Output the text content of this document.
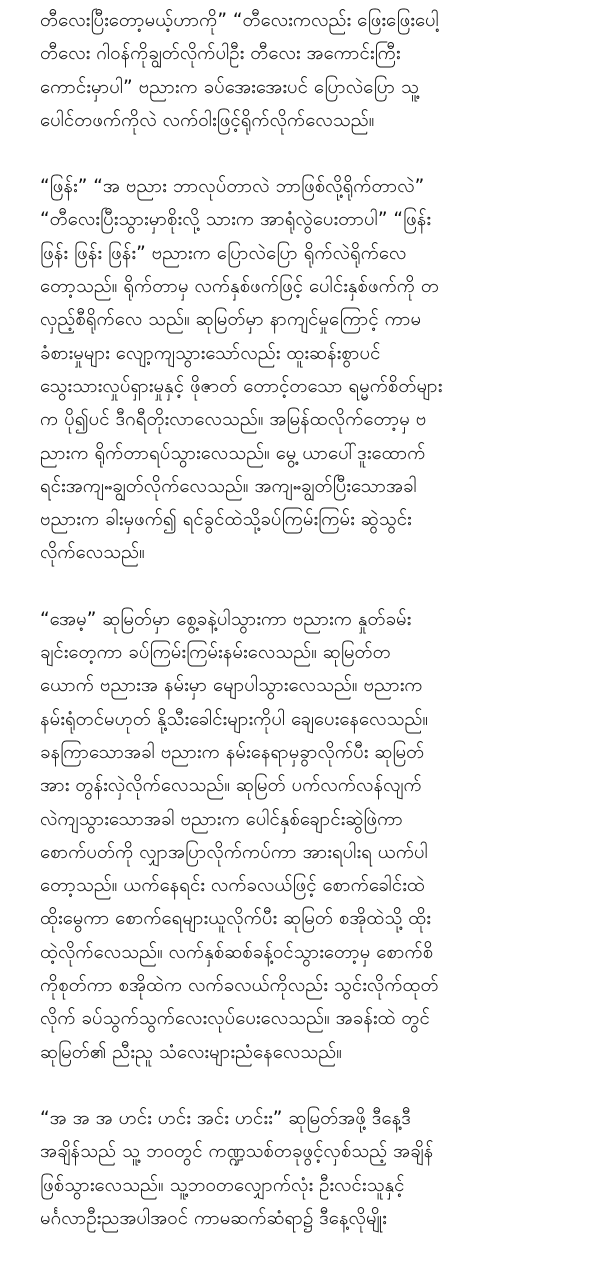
တီလေးပြီးတော့မယ့်ဟာကို” “တီလေးကလည်း ဖြေးဖြေးပေါ့
တီလေး ဂါဝန်ကိုချွတ်လိုက်ပါဦး တီလေး အကောင်းကြီး
ကောင်းမှာပါ” ဗညားက ခပ်အေးအေးပင် ပြောလဲပြော သူ့
ပေါင်တဖက်ကိုလဲ လက်ဝါးဖြင့်ရိုက်လိုက်လေသည်။
“ဖြန်း” “အ ဗညား ဘာလုပ်တာလဲ ဘာဖြစ်လို့ရိုက်တာလဲ”
“တီလေးပြီးသွားမှာစိုးလို့ သားက အာရုံလွဲပေးတာပါ” “ဖြန်း
ဖြန်း ဖြန်း ဖြန်း” ဗညားက ပြောလဲပြော ရိုက်လဲရိုက်လေ
တော့သည်။ ရိုက်တာမှ လက်နှစ်ဖက်ဖြင့် ပေါင်းနှစ်ဖက်ကို တ
လှည့်စီရိုက်လေ သည်။ ဆုမြတ်မှာ နာကျင်မှုကြောင့် ကာမ
ခံစားမှုများ လျော့ကျသွားသော်လည်း ထူးဆန်းစွာပင်
သွေးသားလှုပ်ရှားမှုနှင့် ဖိုဇာတ် တောင့်တသော ရမ္မက်စိတ်များ
က ပို၍ပင် ဒီဂရီတိုးလာလေသည်။ အမြန်ထလိုက်တော့မှ ဗ
ညားက ရိုက်တာရပ်သွားလေသည်။ မွေ့ ယာပေါ်ဒူးထောက်
ရင်းအကျႌချွတ်လိုက်လေသည်။ အကျႌချွတ်ပြီးသောအခါ
ဗညားက ခါးမှဖက်၍ ရင်ခွင်ထဲသို့ခပ်ကြမ်းကြမ်း ဆွဲသွင်း
လိုက်လေသည်။
“အေမ့” ဆုမြတ်မှာ စွေ့ခနဲ့ပါသွားကာ ဗညားက နှုတ်ခမ်း
ချင်းတေ့ကာ ခပ်ကြမ်းကြမ်းနမ်းလေသည်။ ဆုမြတ်တ
ယောက် ဗညားအ နမ်းမှာ မျောပါသွားလေသည်။ ဗညားက
နမ်းရုံတင်မဟုတ် နို့သီးခေါင်းများကိုပါ ချေပေးနေလေသည်။
ခနကြာသောအခါ ဗညားက နမ်းနေရာမှခွာလိုက်ပီး ဆုမြတ်
အား တွန်းလှဲလိုက်လေသည်။ ဆုမြတ် ပက်လက်လန်လျက်
လဲကျသွားသောအခါ ဗညားက ပေါင်နှစ်ချောင်းဆွဲဖြဲကာ
စောက်ပတ်ကို လျှာအပြာလိုက်ကပ်ကာ အားရပါးရ ယက်ပါ
တော့သည်။ ယက်နေရင်း လက်ခလယ်ဖြင့် စောက်ခေါင်းထဲ
ထိုးမွေကာ စောက်ရေများယူလိုက်ပီး ဆုမြတ် စအိုထဲသို့ ထိုး
ထဲ့လိုက်လေသည်။ လက်နှစ်ဆစ်ခန့်ဝင်သွားတော့မှ စောက်စိ
ကိုစုတ်ကာ စအိုထဲက လက်ခလယ်ကိုလည်း သွင်းလိုက်ထုတ်
လိုက် ခပ်သွက်သွက်လေးလုပ်ပေးလေသည်။ အခန်းထဲ တွင်
ဆုမြတ်၏ ညီးညူ သံလေးများညံနေလေသည်။
“အ အ အ ဟင်း ဟင်း အင်း ဟင်းး” ဆုမြတ်အဖို့ ဒီနေ့ဒီ
အချိန်သည် သူ့ ဘဝတွင် ကဏ္ဍသစ်တခုဖွင့်လှစ်သည့် အချိန်
ဖြစ်သွားလေသည်။ သူ့ဘဝတလျှောက်လုံး ဦးလင်းသူနှင့်
မင်္ဂလာဦးညအပါအဝင် ကာမဆက်ဆံရာ၌ ဒီနေ့လိုမျိုး
